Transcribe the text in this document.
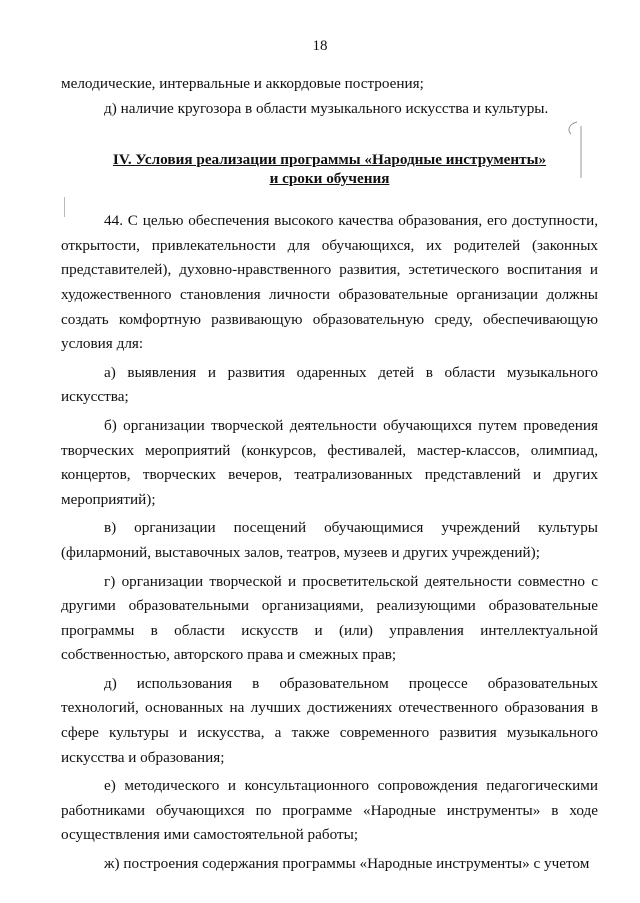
18

мелодические, интервальные и аккордовые построения;

д) наличие кругозора в области музыкального искусства и культуры.

IV. Условия реализации программы «Народные инструменты»
и сроки обучения

44. С целью обеспечения высокого качества образования, его доступности, открытости, привлекательности для обучающихся, их родителей (законных представителей), духовно-нравственного развития, эстетического воспитания и художественного становления личности образовательные организации должны создать комфортную развивающую образовательную среду, обеспечивающую условия для:

а) выявления и развития одаренных детей в области музыкального искусства;

б) организации творческой деятельности обучающихся путем проведения творческих мероприятий (конкурсов, фестивалей, мастер-классов, олимпиад, концертов, творческих вечеров, театрализованных представлений и других мероприятий);

в) организации посещений обучающимися учреждений культуры (филармоний, выставочных залов, театров, музеев и других учреждений);

г) организации творческой и просветительской деятельности совместно с другими образовательными организациями, реализующими образовательные программы в области искусств и (или) управления интеллектуальной собственностью, авторского права и смежных прав;

д) использования в образовательном процессе образовательных технологий, основанных на лучших достижениях отечественного образования в сфере культуры и искусства, а также современного развития музыкального искусства и образования;

е) методического и консультационного сопровождения педагогическими работниками обучающихся по программе «Народные инструменты» в ходе осуществления ими самостоятельной работы;

ж) построения содержания программы «Народные инструменты» с учетом
